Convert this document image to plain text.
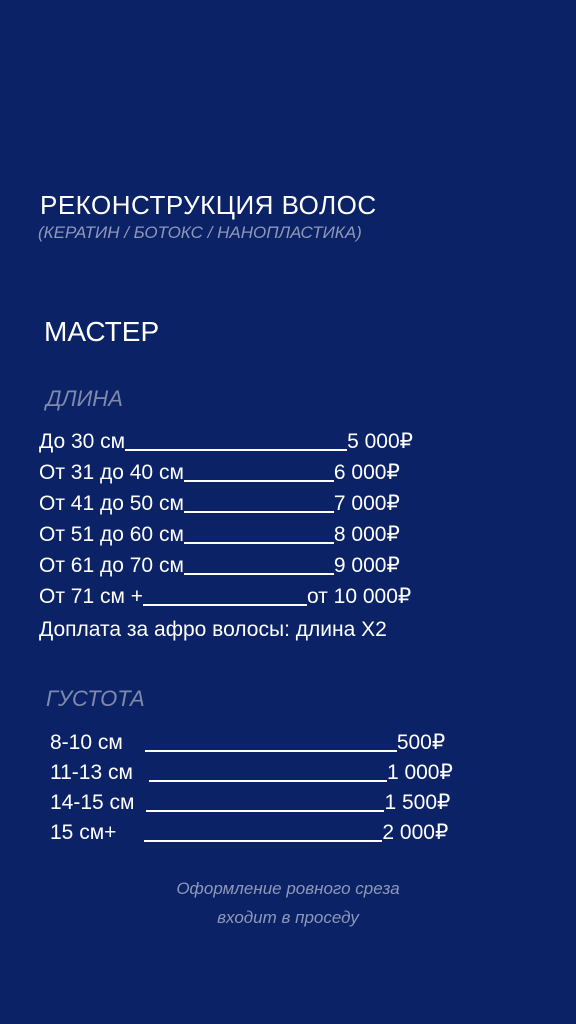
РЕКОНСТРУКЦИЯ ВОЛОС
(КЕРАТИН / БОТОКС / НАНОПЛАСТИКА)
МАСТЕР
ДЛИНА
До 30 см	5 000₽
От 31 до 40 см	6 000₽
От 41 до 50 см	7 000₽
От 51 до 60 см	8 000₽
От 61 до 70 см	9 000₽
От 71 см +	от 10 000₽
Доплата за афро волосы: длина Х2
ГУСТОТА
8-10 см	500₽
11-13 см	1 000₽
14-15 см	1 500₽
15 см+	2 000₽
Оформление ровного среза
входит в проседу
